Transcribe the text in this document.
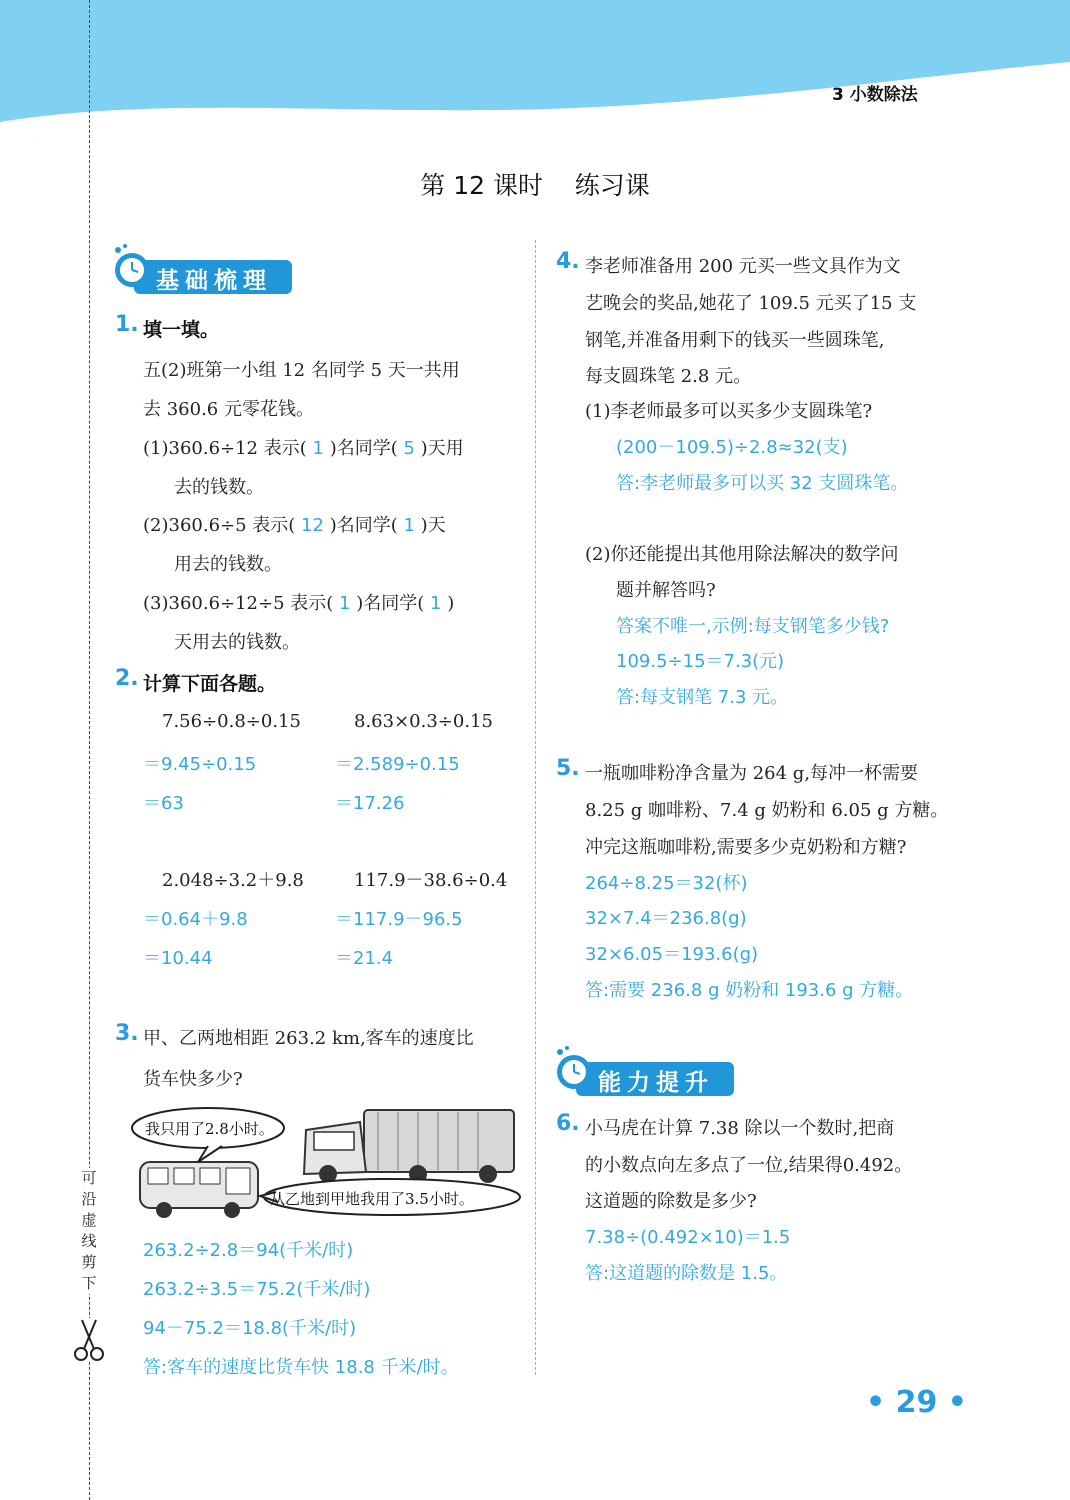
3 小数除法
第 12 课时    练习课
可
沿
虚
线
剪
下
基础梳理
1. 填一填。
五(2)班第一小组 12 名同学 5 天一共用
去 360.6 元零花钱。
(1)360.6÷12 表示( 1 )名同学( 5 )天用
去的钱数。
(2)360.6÷5 表示( 12 )名同学( 1 )天
用去的钱数。
(3)360.6÷12÷5 表示( 1 )名同学( 1 )
天用去的钱数。
2. 计算下面各题。
7.56÷0.8÷0.15
＝9.45÷0.15
＝63
8.63×0.3÷0.15
＝2.589÷0.15
＝17.26
2.048÷3.2＋9.8
＝0.64＋9.8
＝10.44
117.9－38.6÷0.4
＝117.9－96.5
＝21.4
3. 甲、乙两地相距 263.2 km,客车的速度比
货车快多少?
我只用了2.8小时。
从乙地到甲地我用了3.5小时。
263.2÷2.8＝94(千米/时)
263.2÷3.5＝75.2(千米/时)
94－75.2＝18.8(千米/时)
答:客车的速度比货车快 18.8 千米/时。
4. 李老师准备用 200 元买一些文具作为文
艺晚会的奖品,她花了 109.5 元买了15 支
钢笔,并准备用剩下的钱买一些圆珠笔,
每支圆珠笔 2.8 元。
(1)李老师最多可以买多少支圆珠笔?
(200－109.5)÷2.8≈32(支)
答:李老师最多可以买 32 支圆珠笔。
(2)你还能提出其他用除法解决的数学问
题并解答吗?
答案不唯一,示例:每支钢笔多少钱?
109.5÷15＝7.3(元)
答:每支钢笔 7.3 元。
5. 一瓶咖啡粉净含量为 264 g,每冲一杯需要
8.25 g 咖啡粉、7.4 g 奶粉和 6.05 g 方糖。
冲完这瓶咖啡粉,需要多少克奶粉和方糖?
264÷8.25＝32(杯)
32×7.4＝236.8(g)
32×6.05＝193.6(g)
答:需要 236.8 g 奶粉和 193.6 g 方糖。
能力提升
6. 小马虎在计算 7.38 除以一个数时,把商
的小数点向左多点了一位,结果得0.492。
这道题的除数是多少?
7.38÷(0.492×10)＝1.5
答:这道题的除数是 1.5。
• 29 •
